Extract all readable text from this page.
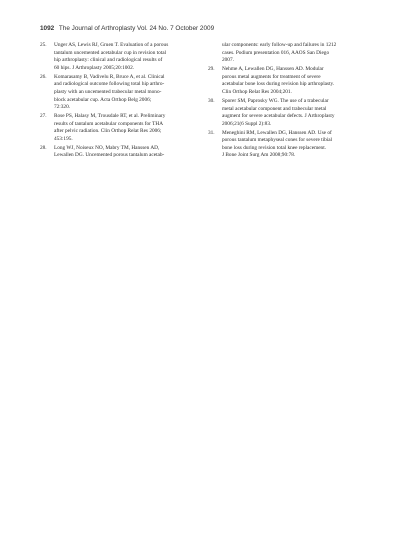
1092 The Journal of Arthroplasty Vol. 24 No. 7 October 2009
25. Unger AS, Lewis RJ, Gruen T. Evaluation of a porous
tantalum uncemented acetabular cup in revision total
hip arthroplasty: clinical and radiological results of
60 hips. J Arthroplasty 2005;20:1002.
26. Komarasamy B, Vadivelu R, Bruce A, et al. Clinical
and radiological outcome following total hip arthro-
plasty with an uncemented trabecular metal mono-
block acetabular cup. Acta Orthop Belg 2006;
72:320.
27. Rose PS, Halasy M, Trousdale RT, et al. Preliminary
results of tantalum acetabular components for THA
after pelvic radiation. Clin Orthop Relat Res 2006;
453:195.
28. Long WJ, Noiseux NO, Mabry TM, Hanssen AD,
Lewallen DG. Uncemented porous tantalum acetab-
ular components: early follow-up and failures in 1212
cases. Podium presentation 016, AAOS San Diego
2007.
29. Nehme A, Lewallen DG, Hanssen AD. Modular
porous metal augments for treatment of severe
acetabular bone loss during revision hip arthroplasty.
Clin Orthop Relat Res 2004;201.
30. Sporer SM, Paprosky WG. The use of a trabecular
metal acetabular component and trabecular metal
augment for severe acetabular defects. J Arthroplasty
2006;21(6 Suppl 2):83.
31. Meneghini RM, Lewallen DG, Hanssen AD. Use of
porous tantalum metaphyseal cones for severe tibial
bone loss during revision total knee replacement.
J Bone Joint Surg Am 2008;90:78.
